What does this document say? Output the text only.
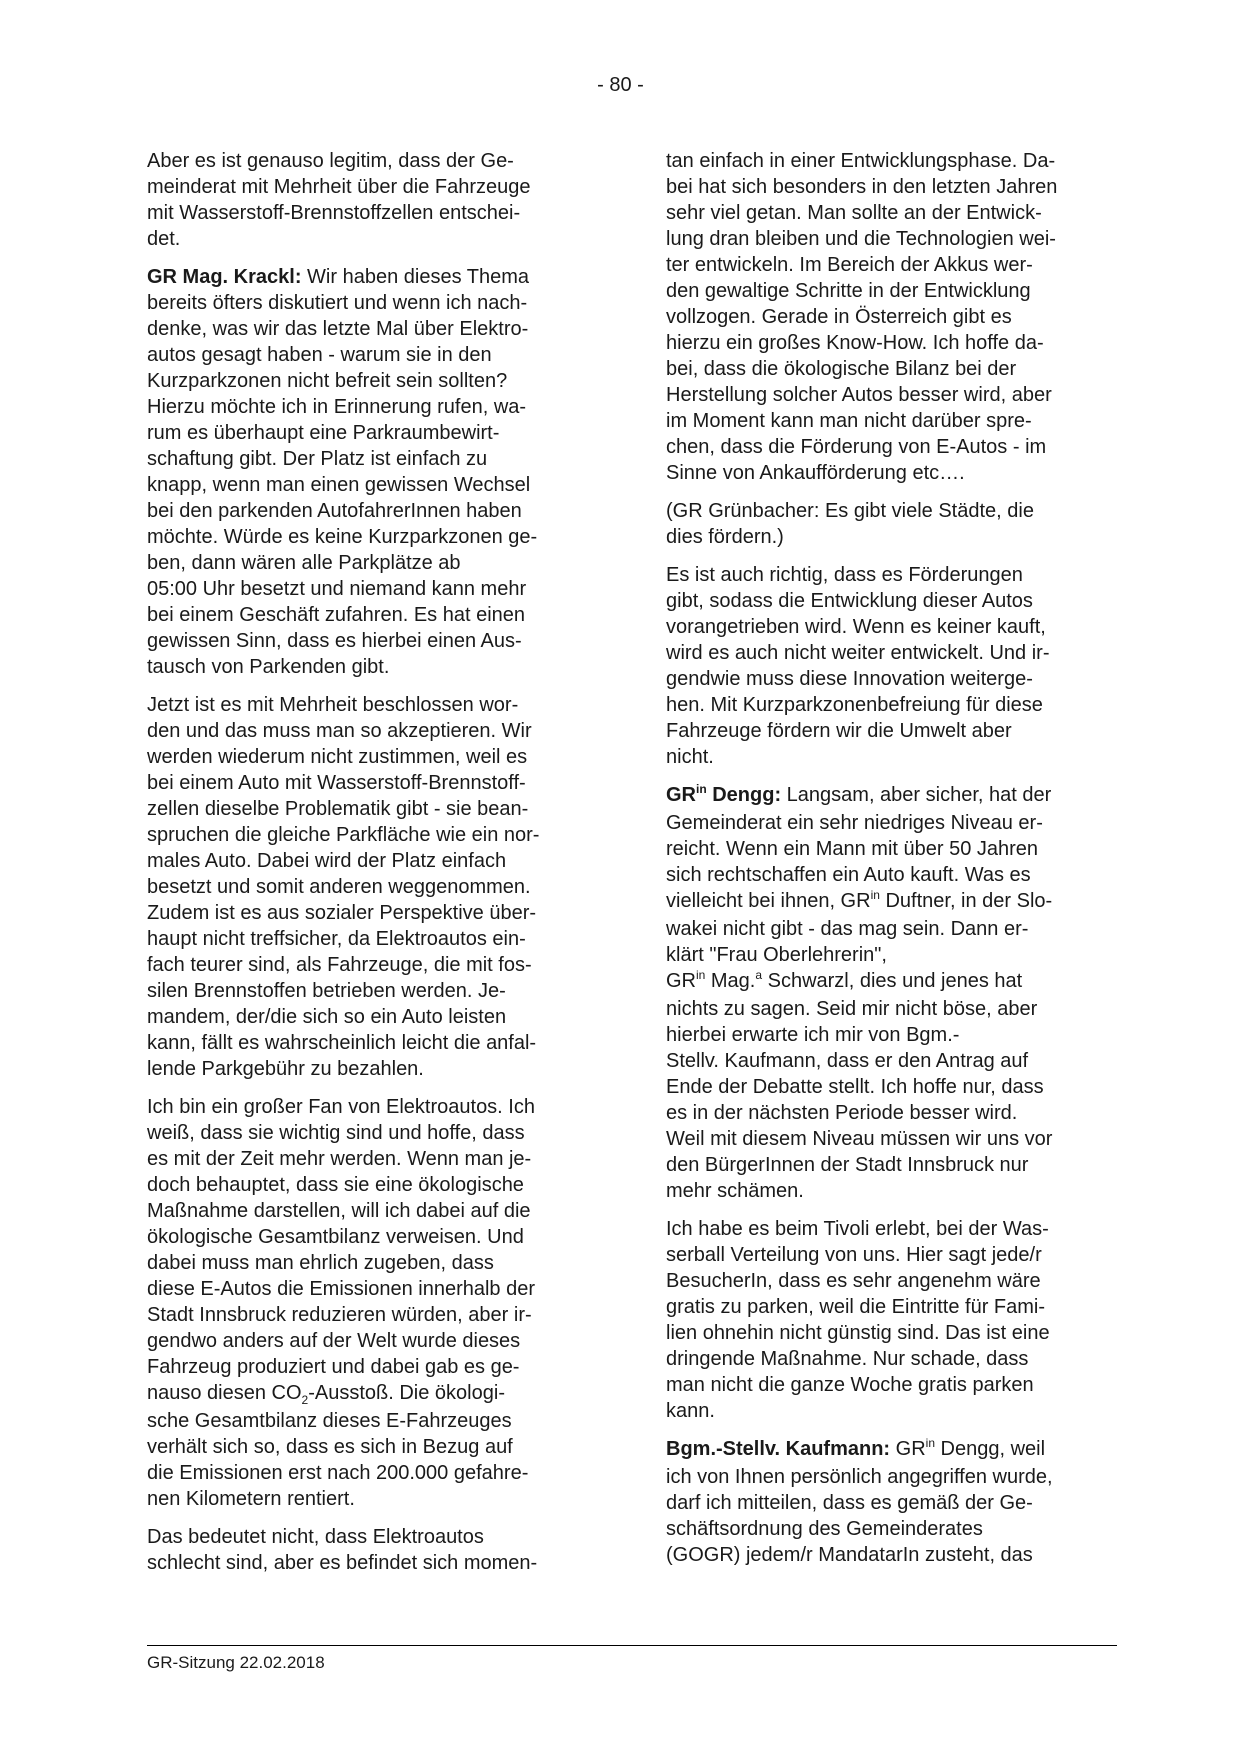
- 80 -

Aber es ist genauso legitim, dass der Ge-
meinderat mit Mehrheit über die Fahrzeuge
mit Wasserstoff-Brennstoffzellen entschei-
det.

GR Mag. Krackl: Wir haben dieses Thema
bereits öfters diskutiert und wenn ich nach-
denke, was wir das letzte Mal über Elektro-
autos gesagt haben - warum sie in den
Kurzparkzonen nicht befreit sein sollten?
Hierzu möchte ich in Erinnerung rufen, wa-
rum es überhaupt eine Parkraumbewirt-
schaftung gibt. Der Platz ist einfach zu
knapp, wenn man einen gewissen Wechsel
bei den parkenden AutofahrerInnen haben
möchte. Würde es keine Kurzparkzonen ge-
ben, dann wären alle Parkplätze ab
05:00 Uhr besetzt und niemand kann mehr
bei einem Geschäft zufahren. Es hat einen
gewissen Sinn, dass es hierbei einen Aus-
tausch von Parkenden gibt.

Jetzt ist es mit Mehrheit beschlossen wor-
den und das muss man so akzeptieren. Wir
werden wiederum nicht zustimmen, weil es
bei einem Auto mit Wasserstoff-Brennstoff-
zellen dieselbe Problematik gibt - sie bean-
spruchen die gleiche Parkfläche wie ein nor-
males Auto. Dabei wird der Platz einfach
besetzt und somit anderen weggenommen.
Zudem ist es aus sozialer Perspektive über-
haupt nicht treffsicher, da Elektroautos ein-
fach teurer sind, als Fahrzeuge, die mit fos-
silen Brennstoffen betrieben werden. Je-
mandem, der/die sich so ein Auto leisten
kann, fällt es wahrscheinlich leicht die anfal-
lende Parkgebühr zu bezahlen.

Ich bin ein großer Fan von Elektroautos. Ich
weiß, dass sie wichtig sind und hoffe, dass
es mit der Zeit mehr werden. Wenn man je-
doch behauptet, dass sie eine ökologische
Maßnahme darstellen, will ich dabei auf die
ökologische Gesamtbilanz verweisen. Und
dabei muss man ehrlich zugeben, dass
diese E-Autos die Emissionen innerhalb der
Stadt Innsbruck reduzieren würden, aber ir-
gendwo anders auf der Welt wurde dieses
Fahrzeug produziert und dabei gab es ge-
nauso diesen $CO_2$-Ausstoß. Die ökologi-
sche Gesamtbilanz dieses E-Fahrzeuges
verhält sich so, dass es sich in Bezug auf
die Emissionen erst nach 200.000 gefahre-
nen Kilometern rentiert.

Das bedeutet nicht, dass Elektroautos
schlecht sind, aber es befindet sich momen-

tan einfach in einer Entwicklungsphase. Da-
bei hat sich besonders in den letzten Jahren
sehr viel getan. Man sollte an der Entwick-
lung dran bleiben und die Technologien wei-
ter entwickeln. Im Bereich der Akkus wer-
den gewaltige Schritte in der Entwicklung
vollzogen. Gerade in Österreich gibt es
hierzu ein großes Know-How. Ich hoffe da-
bei, dass die ökologische Bilanz bei der
Herstellung solcher Autos besser wird, aber
im Moment kann man nicht darüber spre-
chen, dass die Förderung von E-Autos - im
Sinne von Ankaufförderung etc….

(GR Grünbacher: Es gibt viele Städte, die
dies fördern.)

Es ist auch richtig, dass es Förderungen
gibt, sodass die Entwicklung dieser Autos
vorangetrieben wird. Wenn es keiner kauft,
wird es auch nicht weiter entwickelt. Und ir-
gendwie muss diese Innovation weiterge-
hen. Mit Kurzparkzonenbefreiung für diese
Fahrzeuge fördern wir die Umwelt aber
nicht.

$GR^{in}$ Dengg: Langsam, aber sicher, hat der
Gemeinderat ein sehr niedriges Niveau er-
reicht. Wenn ein Mann mit über 50 Jahren
sich rechtschaffen ein Auto kauft. Was es
vielleicht bei ihnen, $GR^{in}$ Duftner, in der Slo-
wakei nicht gibt - das mag sein. Dann er-
klärt "Frau Oberlehrerin",
$GR^{in}$ Mag.$^a$ Schwarzl, dies und jenes hat
nichts zu sagen. Seid mir nicht böse, aber
hierbei erwarte ich mir von Bgm.-
Stellv. Kaufmann, dass er den Antrag auf
Ende der Debatte stellt. Ich hoffe nur, dass
es in der nächsten Periode besser wird.
Weil mit diesem Niveau müssen wir uns vor
den BürgerInnen der Stadt Innsbruck nur
mehr schämen.

Ich habe es beim Tivoli erlebt, bei der Was-
serball Verteilung von uns. Hier sagt jede/r
BesucherIn, dass es sehr angenehm wäre
gratis zu parken, weil die Eintritte für Fami-
lien ohnehin nicht günstig sind. Das ist eine
dringende Maßnahme. Nur schade, dass
man nicht die ganze Woche gratis parken
kann.

Bgm.-Stellv. Kaufmann: $GR^{in}$ Dengg, weil
ich von Ihnen persönlich angegriffen wurde,
darf ich mitteilen, dass es gemäß der Ge-
schäftsordnung des Gemeinderates
(GOGR) jedem/r MandatarIn zusteht, das

GR-Sitzung 22.02.2018
